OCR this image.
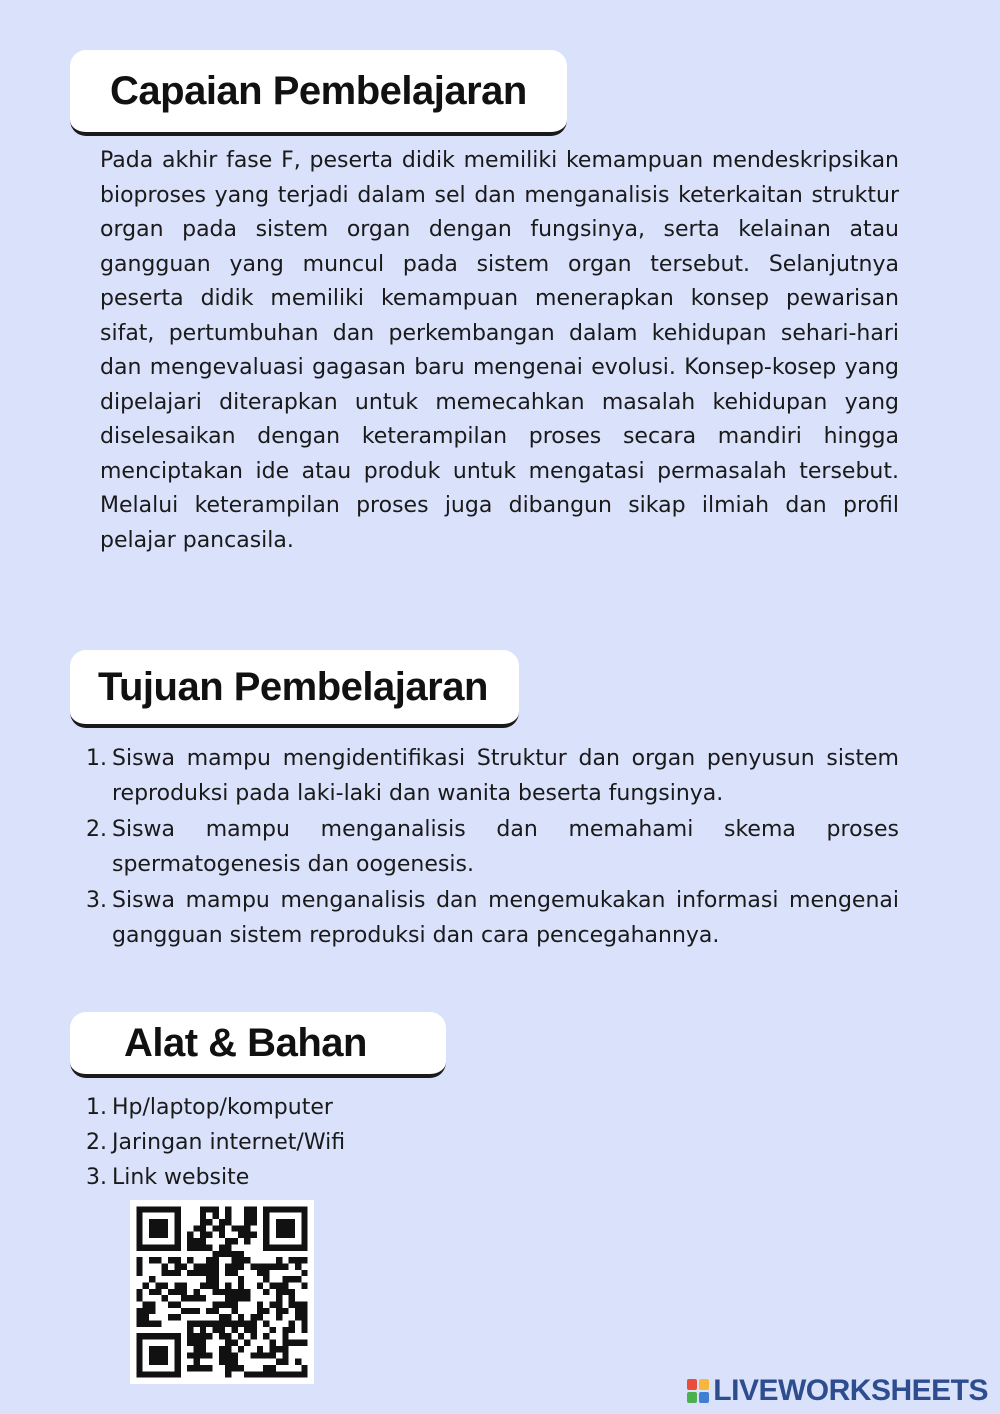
Capaian Pembelajaran

Pada akhir fase F, peserta didik memiliki kemampuan mendeskripsikan bioproses yang terjadi dalam sel dan menganalisis keterkaitan struktur organ pada sistem organ dengan fungsinya, serta kelainan atau gangguan yang muncul pada sistem organ tersebut. Selanjutnya peserta didik memiliki kemampuan menerapkan konsep pewarisan sifat, pertumbuhan dan perkembangan dalam kehidupan sehari-hari dan mengevaluasi gagasan baru mengenai evolusi. Konsep-kosep yang dipelajari diterapkan untuk memecahkan masalah kehidupan yang diselesaikan dengan keterampilan proses secara mandiri hingga menciptakan ide atau produk untuk mengatasi permasalah tersebut. Melalui keterampilan proses juga dibangun sikap ilmiah dan profil pelajar pancasila.

Tujuan Pembelajaran
1. Siswa mampu mengidentifikasi Struktur dan organ penyusun sistem reproduksi pada laki-laki dan wanita beserta fungsinya.
2. Siswa mampu menganalisis dan memahami skema proses spermatogenesis dan oogenesis.
3. Siswa mampu menganalisis dan mengemukakan informasi mengenai gangguan sistem reproduksi dan cara pencegahannya.
Alat & Bahan
1. Hp/laptop/komputer
2. Jaringan internet/Wifi
3. Link website
LIVEWORKSHEETS
